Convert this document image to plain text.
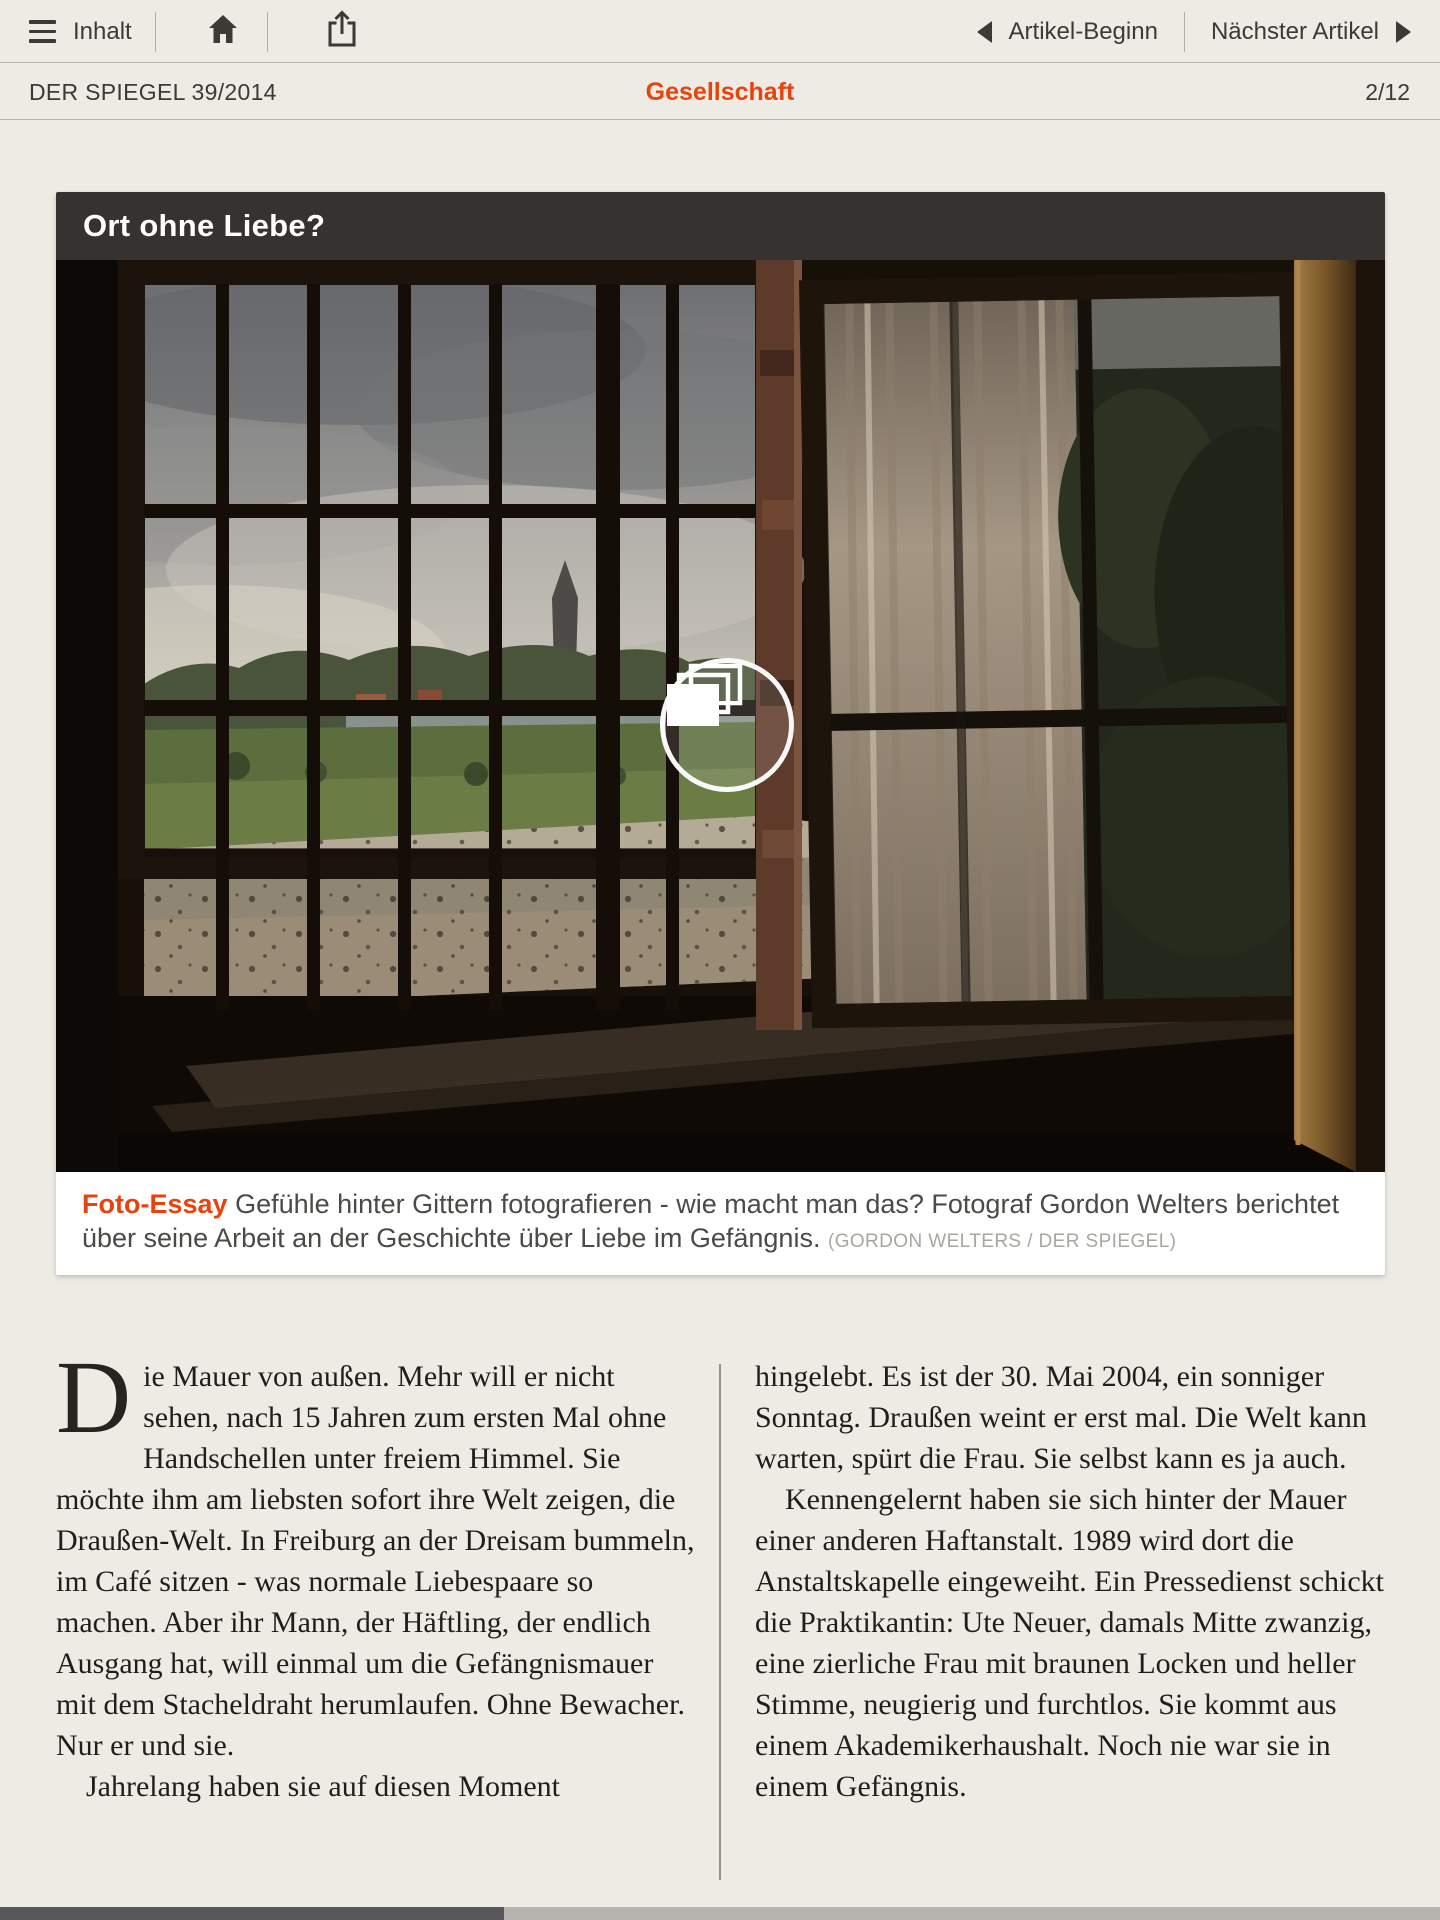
Inhalt	Artikel-Beginn Nächster Artikel
DER SPIEGEL 39/2014	Gesellschaft	2/12
Ort ohne Liebe?
Foto-Essay Gefühle hinter Gittern fotografieren - wie macht man das? Fotograf Gordon Welters berichtet über seine Arbeit an der Geschichte über Liebe im Gefängnis. (GORDON WELTERS / DER SPIEGEL)

Die Mauer von außen. Mehr will er nicht sehen, nach 15 Jahren zum ersten Mal ohne Handschellen unter freiem Himmel. Sie möchte ihm am liebsten sofort ihre Welt zeigen, die Draußen-Welt. In Freiburg an der Dreisam bummeln, im Café sitzen - was normale Liebespaare so machen. Aber ihr Mann, der Häftling, der endlich Ausgang hat, will einmal um die Gefängnismauer mit dem Stacheldraht herumlaufen. Ohne Bewacher. Nur er und sie.

Jahrelang haben sie auf diesen Moment

hingelebt. Es ist der 30. Mai 2004, ein sonniger Sonntag. Draußen weint er erst mal. Die Welt kann warten, spürt die Frau. Sie selbst kann es ja auch.

Kennengelernt haben sie sich hinter der Mauer einer anderen Haftanstalt. 1989 wird dort die Anstaltskapelle eingeweiht. Ein Pressedienst schickt die Praktikantin: Ute Neuer, damals Mitte zwanzig, eine zierliche Frau mit braunen Locken und heller Stimme, neugierig und furchtlos. Sie kommt aus einem Akademikerhaushalt. Noch nie war sie in einem Gefängnis.
